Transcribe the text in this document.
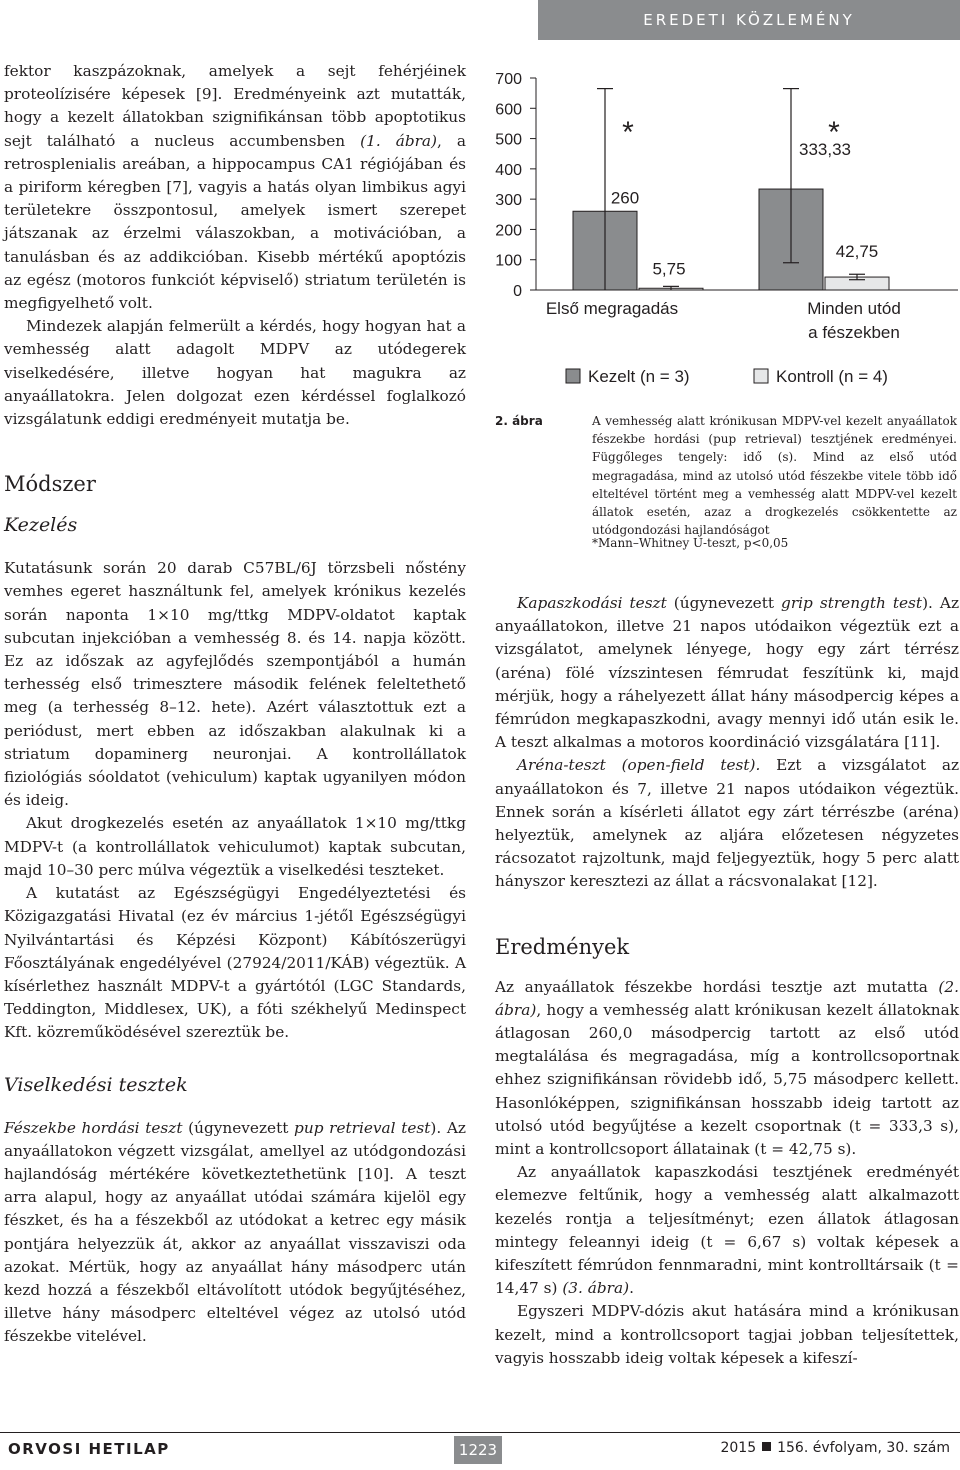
EREDETI KÖZLEMÉNY

fektor kaszpázoknak, amelyek a sejt fehérjéinek proteolízisére képesek [9]. Eredményeink azt mutatták, hogy a kezelt állatokban szignifikánsan több apoptotikus sejt található a nucleus accumbensben (1. ábra), a retrosplenialis areában, a hippocampus CA1 régiójában és a piriform kéregben [7], vagyis a hatás olyan limbikus agyi területekre összpontosul, amelyek ismert szerepet játszanak az érzelmi válaszokban, a motivációban, a tanulásban és az addikcióban. Kisebb mértékű apoptózis az egész (motoros funkciót képviselő) striatum területén is megfigyelhető volt.

Mindezek alapján felmerült a kérdés, hogy hogyan hat a vemhesség alatt adagolt MDPV az utódegerek viselkedésére, illetve hogyan hat magukra az anyaállatokra. Jelen dolgozat ezen kérdéssel foglalkozó vizsgálatunk eddigi eredményeit mutatja be.

Módszer
Kezelés

Kutatásunk során 20 darab C57BL/6J törzsbeli nőstény vemhes egeret használtunk fel, amelyek krónikus kezelés során naponta 1×10 mg/ttkg MDPV-oldatot kaptak subcutan injekcióban a vemhesség 8. és 14. napja között. Ez az időszak az agyfejlődés szempontjából a humán terhesség első trimesztere második felének feleltethető meg (a terhesség 8–12. hete). Azért választottuk ezt a periódust, mert ebben az időszakban alakulnak ki a striatum dopaminerg neuronjai. A kontrollállatok fiziológiás sóoldatot (vehiculum) kaptak ugyanilyen módon és ideig.

Akut drogkezelés esetén az anyaállatok 1×10 mg/ttkg MDPV-t (a kontrollállatok vehiculumot) kaptak subcutan, majd 10–30 perc múlva végeztük a viselkedési teszteket.

A kutatást az Egészségügyi Engedélyeztetési és Közigazgatási Hivatal (ez év március 1-jétől Egészségügyi Nyilvántartási és Képzési Központ) Kábítószerügyi Főosztályának engedélyével (27924/2011/KÁB) végeztük. A kísérlethez használt MDPV-t a gyártótól (LGC Standards, Teddington, Middlesex, UK), a fóti székhelyű Medinspect Kft. közreműködésével szereztük be.

Viselkedési tesztek

Fészekbe hordási teszt (úgynevezett pup retrieval test). Az anyaállatokon végzett vizsgálat, amellyel az utódgondozási hajlandóság mértékére következtethetünk [10]. A teszt arra alapul, hogy az anyaállat utódai számára kijelöl egy fészket, és ha a fészekből az utódokat a ketrec egy másik pontjára helyezzük át, akkor az anyaállat visszaviszi oda azokat. Mértük, hogy az anyaállat hány másodperc után kezd hozzá a fészekből eltávolított utódok begyűjtéséhez, illetve hány másodperc elteltével végez az utolsó utód fészekbe vitelével.

0
100
200
300
400
500
600
700
260
5,75
*
Első megragadás
333,33
42,75
*
Minden utód
a fészekben
Kezelt (n = 3)	Kontroll (n = 4)
2. ábra	A vemhesség alatt krónikusan MDPV-vel kezelt anyaállatok fészekbe hordási (pup retrieval) tesztjének eredményei. Függőleges tengely: idő (s). Mind az első utód megragadása, mind az utolsó utód fészekbe vitele több idő elteltével történt meg a vemhesség alatt MDPV-vel kezelt állatok esetén, azaz a drogkezelés csökkentette az utódgondozási hajlandóságot
*Mann–Whitney U-teszt, p<0,05

Kapaszkodási teszt (úgynevezett grip strength test). Az anyaállatokon, illetve 21 napos utódaikon végeztük ezt a vizsgálatot, amelynek lényege, hogy egy zárt térrész (aréna) fölé vízszintesen fémrudat feszítünk ki, majd mérjük, hogy a ráhelyezett állat hány másodpercig képes a fémrúdon megkapaszkodni, avagy mennyi idő után esik le. A teszt alkalmas a motoros koordináció vizsgálatára [11].

Aréna-teszt (open-field test). Ezt a vizsgálatot az anyaállatokon és 7, illetve 21 napos utódaikon végeztük. Ennek során a kísérleti állatot egy zárt térrészbe (aréna) helyeztük, amelynek az aljára előzetesen négyzetes rácsozatot rajzoltunk, majd feljegyeztük, hogy 5 perc alatt hányszor keresztezi az állat a rácsvonalakat [12].

Eredmények

Az anyaállatok fészekbe hordási tesztje azt mutatta (2. ábra), hogy a vemhesség alatt krónikusan kezelt állatoknak átlagosan 260,0 másodpercig tartott az első utód megtalálása és megragadása, míg a kontrollcsoportnak ehhez szignifikánsan rövidebb idő, 5,75 másodperc kellett. Hasonlóképpen, szignifikánsan hosszabb ideig tartott az utolsó utód begyűjtése a kezelt csoportnak (t = 333,3 s), mint a kontrollcsoport állatainak (t = 42,75 s).

Az anyaállatok kapaszkodási tesztjének eredményét elemezve feltűnik, hogy a vemhesség alatt alkalmazott kezelés rontja a teljesítményt; ezen állatok átlagosan mintegy feleannyi ideig (t = 6,67 s) voltak képesek a kifeszített fémrúdon fennmaradni, mint kontrolltársaik (t = 14,47 s) (3. ábra).

Egyszeri MDPV-dózis akut hatására mind a krónikusan kezelt, mind a kontrollcsoport tagjai jobban teljesítettek, vagyis hosszabb ideig voltak képesek a kifeszí-

ORVOSI HETILAP	1223	2015 156. évfolyam, 30. szám
